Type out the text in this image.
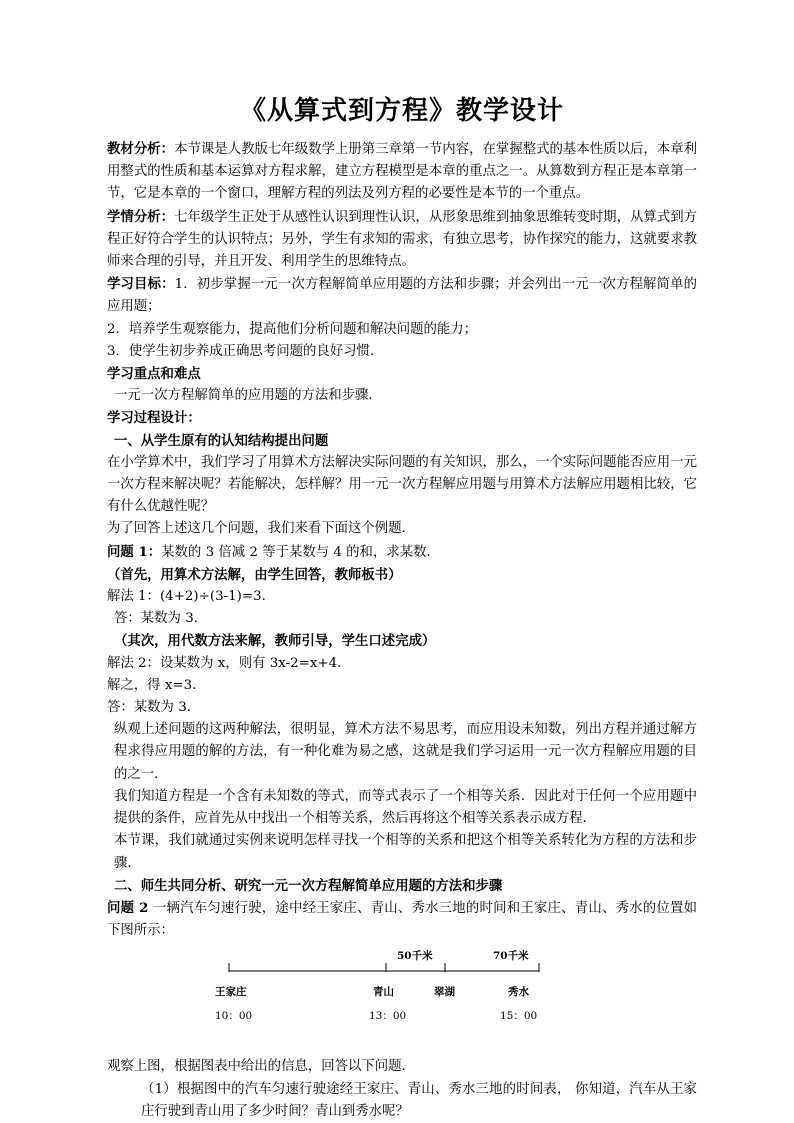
《从算式到方程》教学设计

教材分析：本节课是人教版七年级数学上册第三章第一节内容，在掌握整式的基本性质以后，本章利用整式的性质和基本运算对方程求解，建立方程模型是本章的重点之一。从算数到方程正是本章第一节，它是本章的一个窗口，理解方程的列法及列方程的必要性是本节的一个重点。

学情分析：七年级学生正处于从感性认识到理性认识，从形象思维到抽象思维转变时期，从算式到方程正好符合学生的认识特点；另外，学生有求知的需求，有独立思考，协作探究的能力，这就要求教师来合理的引导，并且开发、利用学生的思维特点。

学习目标：1．初步掌握一元一次方程解简单应用题的方法和步骤；并会列出一元一次方程解简单的应用题；

2．培养学生观察能力，提高他们分析问题和解决问题的能力；

3．使学生初步养成正确思考问题的良好习惯．

学习重点和难点

一元一次方程解简单的应用题的方法和步骤．

学习过程设计：

一、从学生原有的认知结构提出问题

在小学算术中，我们学习了用算术方法解决实际问题的有关知识，那么，一个实际问题能否应用一元一次方程来解决呢？若能解决，怎样解？用一元一次方程解应用题与用算术方法解应用题相比较，它有什么优越性呢？

为了回答上述这几个问题，我们来看下面这个例题．

问题 1：某数的 3 倍减 2 等于某数与 4 的和，求某数．

（首先，用算术方法解，由学生回答，教师板书）

解法 1：(4+2)÷(3-1)=3．

答：某数为 3．

（其次，用代数方法来解，教师引导，学生口述完成）

解法 2：设某数为 x，则有 3x-2=x+4．

解之，得 x=3．

答：某数为 3．

纵观上述问题的这两种解法，很明显，算术方法不易思考，而应用设未知数，列出方程并通过解方程求得应用题的解的方法，有一种化难为易之感，这就是我们学习运用一元一次方程解应用题的目的之一．

我们知道方程是一个含有未知数的等式，而等式表示了一个相等关系．因此对于任何一个应用题中提供的条件，应首先从中找出一个相等关系，然后再将这个相等关系表示成方程．

本节课，我们就通过实例来说明怎样寻找一个相等的关系和把这个相等关系转化为方程的方法和步骤．

二、师生共同分析、研究一元一次方程解简单应用题的方法和步骤

问题 2 一辆汽车匀速行驶，途中经王家庄、青山、秀水三地的时间和王家庄、青山、秀水的位置如下图所示：

50千米	70千米
王家庄	青山	翠湖	秀水
10：00	13：00	15：00

观察上图，根据图表中给出的信息，回答以下问题．

（1）根据图中的汽车匀速行驶途经王家庄、青山、秀水三地的时间表， 你知道，汽车从王家庄行驶到青山用了多少时间？青山到秀水呢？
